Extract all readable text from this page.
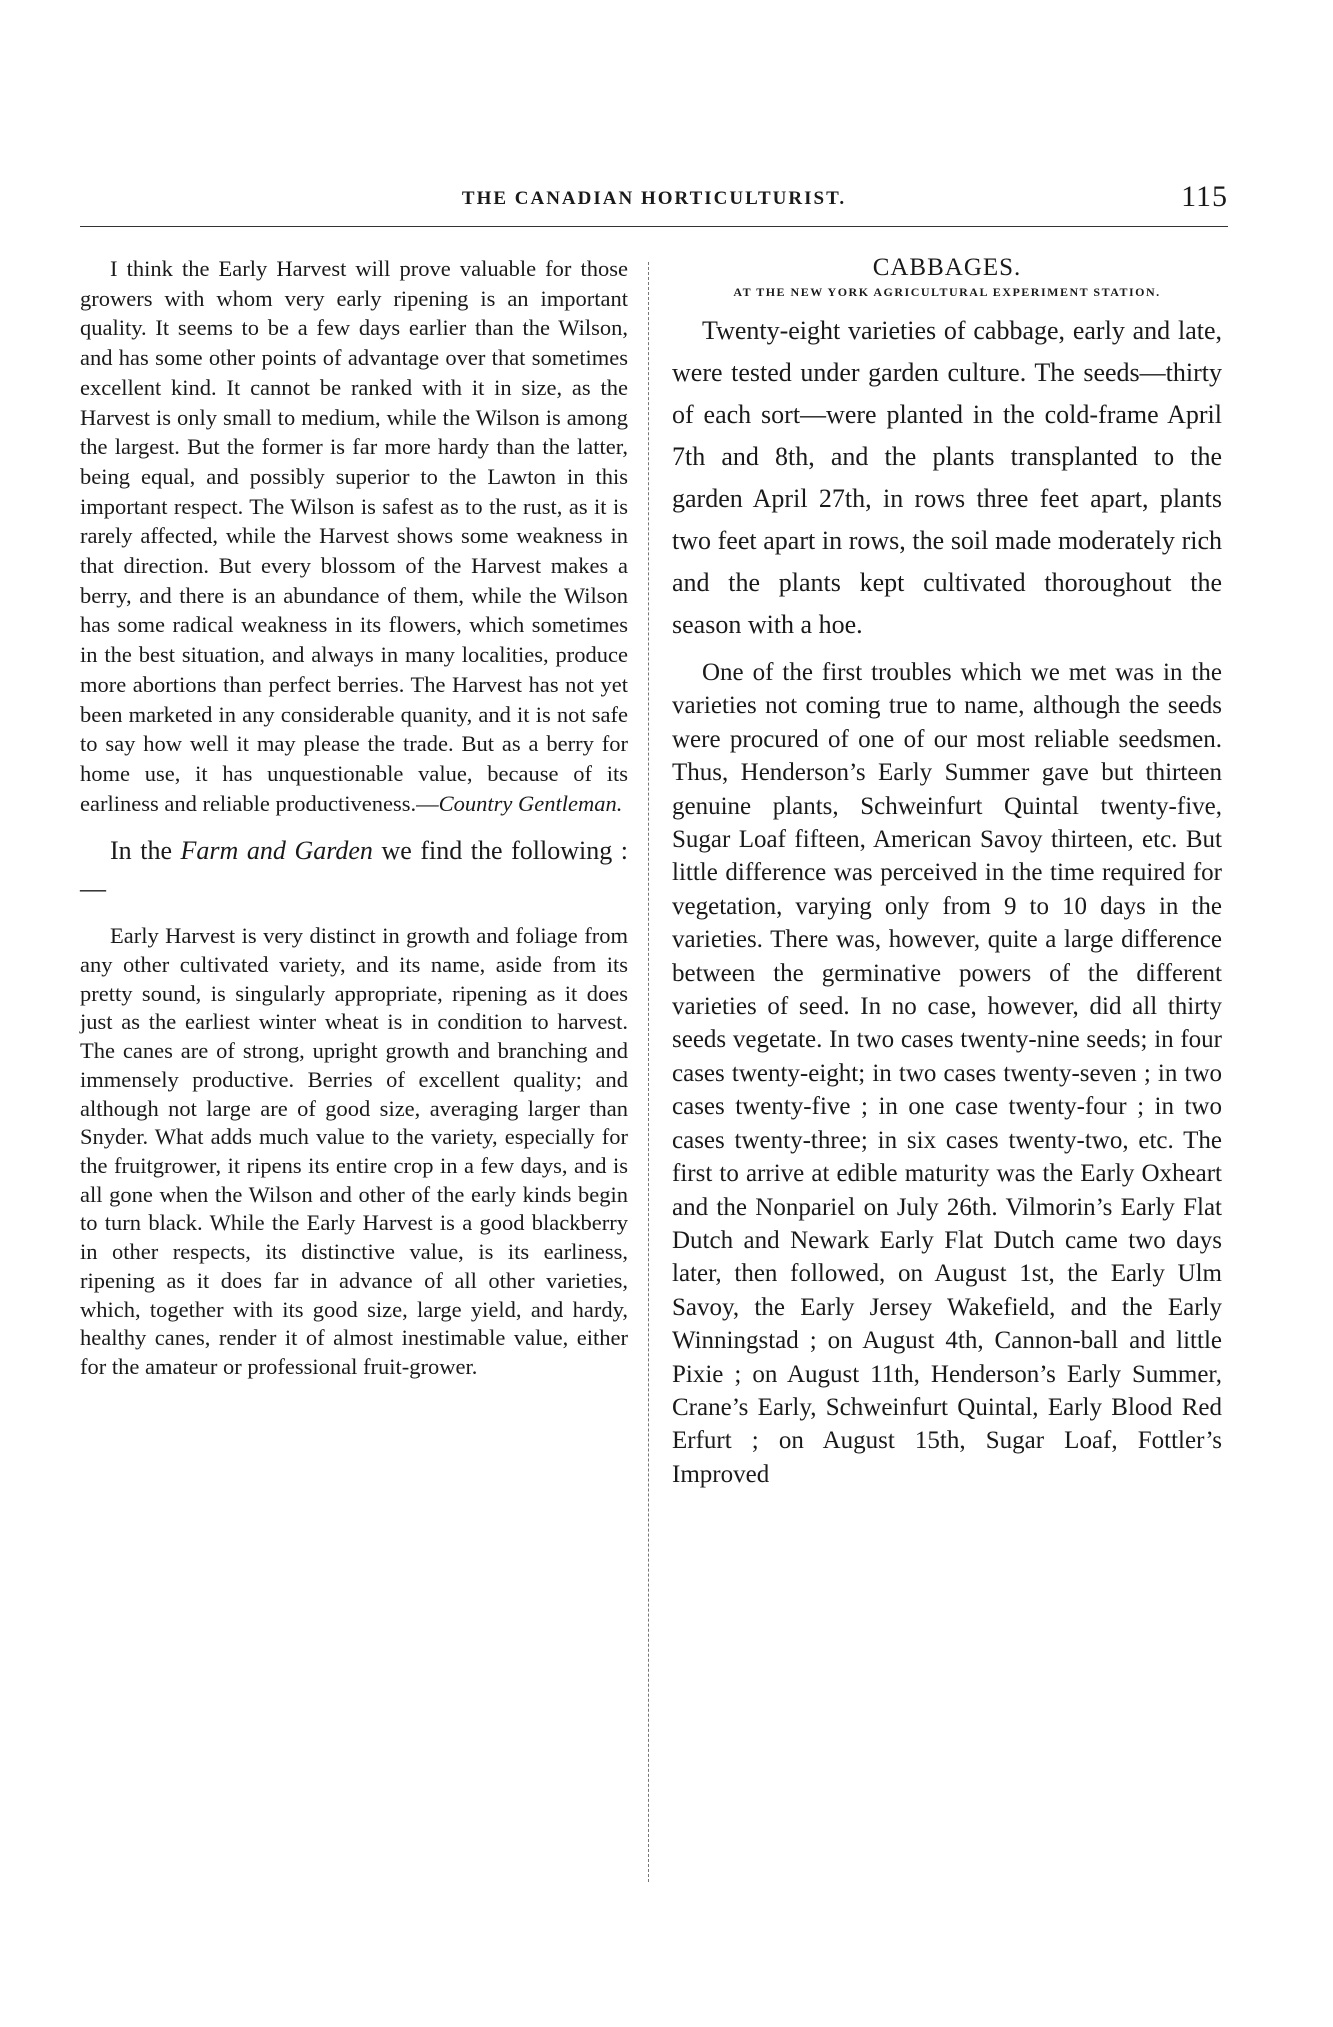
THE CANADIAN HORTICULTURIST.	115

I think the Early Harvest will prove valuable for those growers with whom very early ripening is an important quality. It seems to be a few days earlier than the Wilson, and has some other points of advantage over that sometimes excellent kind. It cannot be ranked with it in size, as the Harvest is only small to medium, while the Wilson is among the largest. But the former is far more hardy than the latter, being equal, and possibly superior to the Lawton in this important respect. The Wilson is safest as to the rust, as it is rarely affected, while the Harvest shows some weakness in that direction. But every blossom of the Harvest makes a berry, and there is an abundance of them, while the Wilson has some radical weakness in its flowers, which sometimes in the best situation, and always in many localities, produce more abortions than perfect berries. The Harvest has not yet been marketed in any considerable quanity, and it is not safe to say how well it may please the trade. But as a berry for home use, it has unquestionable value, because of its earliness and reliable productiveness.—Country Gentleman.

In the Farm and Garden we find the following :—

Early Harvest is very distinct in growth and foliage from any other cultivated variety, and its name, aside from its pretty sound, is singularly appropriate, ripening as it does just as the earliest winter wheat is in condition to harvest. The canes are of strong, upright growth and branching and immensely productive. Berries of excellent quality; and although not large are of good size, averaging larger than Snyder. What adds much value to the variety, especially for the fruitgrower, it ripens its entire crop in a few days, and is all gone when the Wilson and other of the early kinds begin to turn black. While the Early Harvest is a good blackberry in other respects, its distinctive value, is its earliness, ripening as it does far in advance of all other varieties, which, together with its good size, large yield, and hardy, healthy canes, render it of almost inestimable value, either for the amateur or professional fruit-grower.

CABBAGES.

AT THE NEW YORK AGRICULTURAL EXPERIMENT STATION.

Twenty-eight varieties of cabbage, early and late, were tested under garden culture. The seeds—thirty of each sort—were planted in the cold-frame April 7th and 8th, and the plants transplanted to the garden April 27th, in rows three feet apart, plants two feet apart in rows, the soil made moderately rich and the plants kept cultivated thoroughout the season with a hoe.

One of the first troubles which we met was in the varieties not coming true to name, although the seeds were procured of one of our most reliable seedsmen. Thus, Henderson’s Early Summer gave but thirteen genuine plants, Schweinfurt Quintal twenty-five, Sugar Loaf fifteen, American Savoy thirteen, etc. But little difference was perceived in the time required for vegetation, varying only from 9 to 10 days in the varieties. There was, however, quite a large difference between the germinative powers of the different varieties of seed. In no case, however, did all thirty seeds vegetate. In two cases twenty-nine seeds; in four cases twenty-eight; in two cases twenty-seven ; in two cases twenty-five ; in one case twenty-four ; in two cases twenty-three; in six cases twenty-two, etc. The first to arrive at edible maturity was the Early Oxheart and the Nonpariel on July 26th. Vilmorin’s Early Flat Dutch and Newark Early Flat Dutch came two days later, then followed, on August 1st, the Early Ulm Savoy, the Early Jersey Wakefield, and the Early Winningstad ; on August 4th, Cannon-ball and little Pixie ; on August 11th, Henderson’s Early Summer, Crane’s Early, Schweinfurt Quintal, Early Blood Red Erfurt ; on August 15th, Sugar Loaf, Fottler’s Improved
